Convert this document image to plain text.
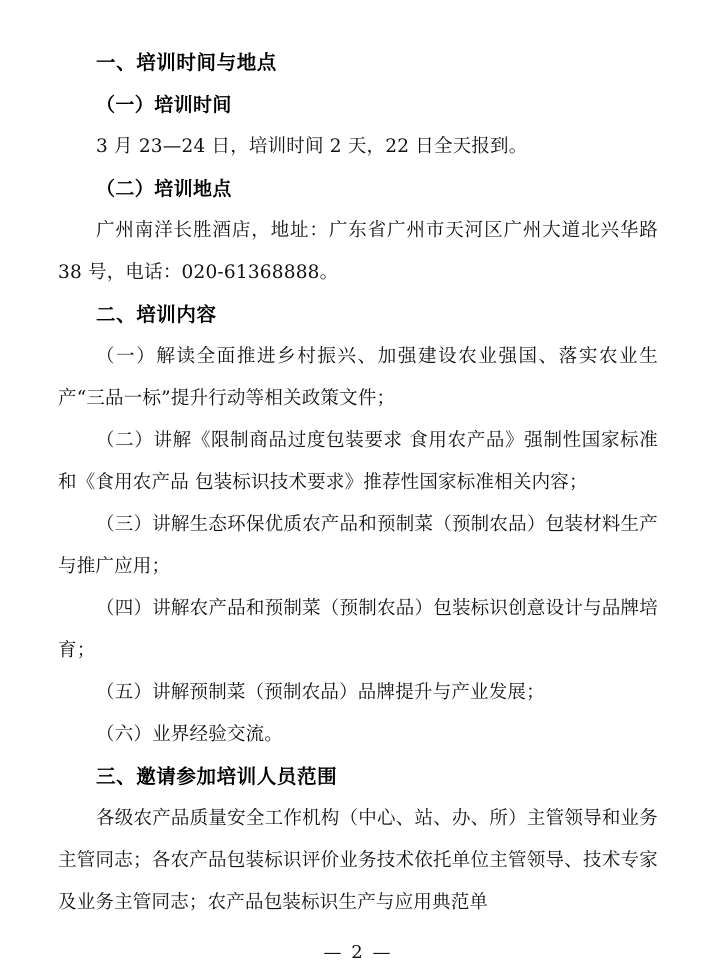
一、培训时间与地点

（一）培训时间

3 月 23—24 日，培训时间 2 天，22 日全天报到。

（二）培训地点

广州南洋长胜酒店，地址：广东省广州市天河区广州大道北兴华路 38 号，电话：020-61368888。

二、培训内容

（一）解读全面推进乡村振兴、加强建设农业强国、落实农业生产“三品一标”提升行动等相关政策文件；

（二）讲解《限制商品过度包装要求 食用农产品》强制性国家标准和《食用农产品 包装标识技术要求》推荐性国家标准相关内容；

（三）讲解生态环保优质农产品和预制菜（预制农品）包装材料生产与推广应用；

（四）讲解农产品和预制菜（预制农品）包装标识创意设计与品牌培育；

（五）讲解预制菜（预制农品）品牌提升与产业发展；

（六）业界经验交流。

三、邀请参加培训人员范围

各级农产品质量安全工作机构（中心、站、办、所）主管领导和业务主管同志；各农产品包装标识评价业务技术依托单位主管领导、技术专家及业务主管同志；农产品包装标识生产与应用典范单

— 2 —
